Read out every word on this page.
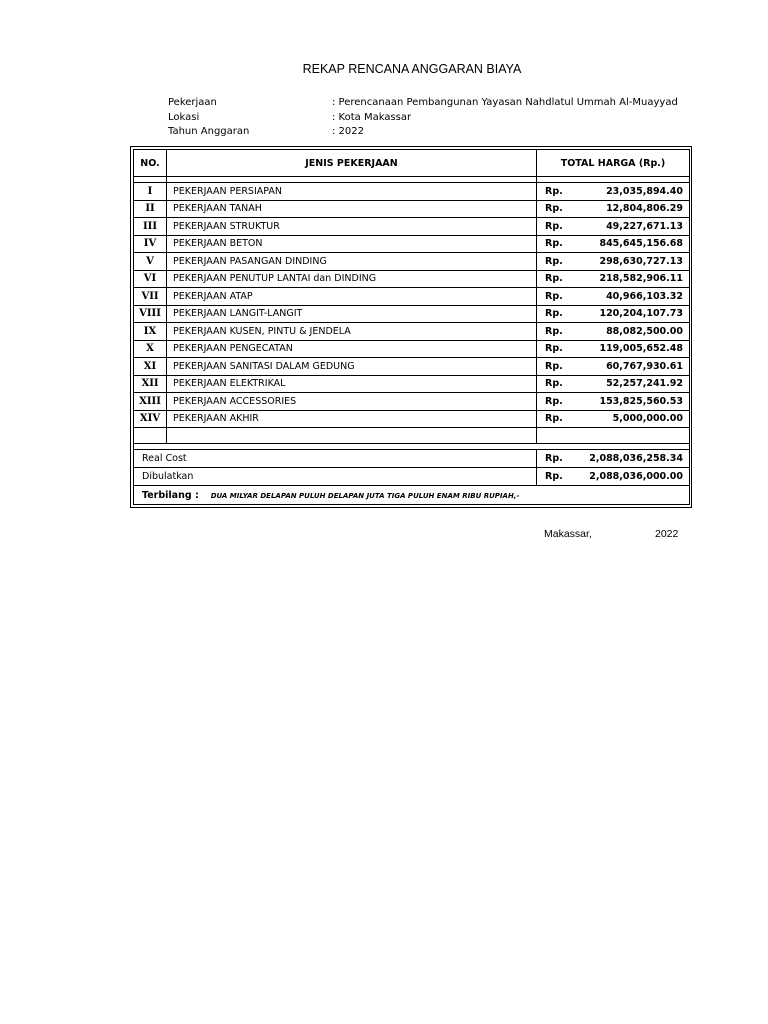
REKAP RENCANA ANGGARAN BIAYA
Pekerjaan	: Perencanaan Pembangunan Yayasan Nahdlatul Ummah Al-Muayyad
Lokasi	: Kota Makassar
Tahun Anggaran	: 2022
NO.	JENIS PEKERJAAN	TOTAL HARGA (Rp.)	

I	PEKERJAAN PERSIAPAN	Rp.	23,035,894.40
II	PEKERJAAN TANAH	Rp.	12,804,806.29
III	PEKERJAAN STRUKTUR	Rp.	49,227,671.13
IV	PEKERJAAN BETON	Rp.	845,645,156.68
V	PEKERJAAN PASANGAN DINDING	Rp.	298,630,727.13
VI	PEKERJAAN PENUTUP LANTAI dan DINDING	Rp.	218,582,906.11
VII	PEKERJAAN ATAP	Rp.	40,966,103.32
VIII	PEKERJAAN LANGIT-LANGIT	Rp.	120,204,107.73
IX	PEKERJAAN KUSEN, PINTU & JENDELA	Rp.	88,082,500.00
X	PEKERJAAN PENGECATAN	Rp.	119,005,652.48
XI	PEKERJAAN SANITASI DALAM GEDUNG	Rp.	60,767,930.61
XII	PEKERJAAN ELEKTRIKAL	Rp.	52,257,241.92
XIII	PEKERJAAN ACCESSORIES	Rp.	153,825,560.53
XIV	PEKERJAAN AKHIR	Rp.	5,000,000.00

Real Cost		Rp.	2,088,036,258.34
Dibulatkan		Rp.	2,088,036,000.00
Terbilang : DUA MILYAR DELAPAN PULUH DELAPAN JUTA TIGA PULUH ENAM RIBU RUPIAH,-			
Makassar,	2022
